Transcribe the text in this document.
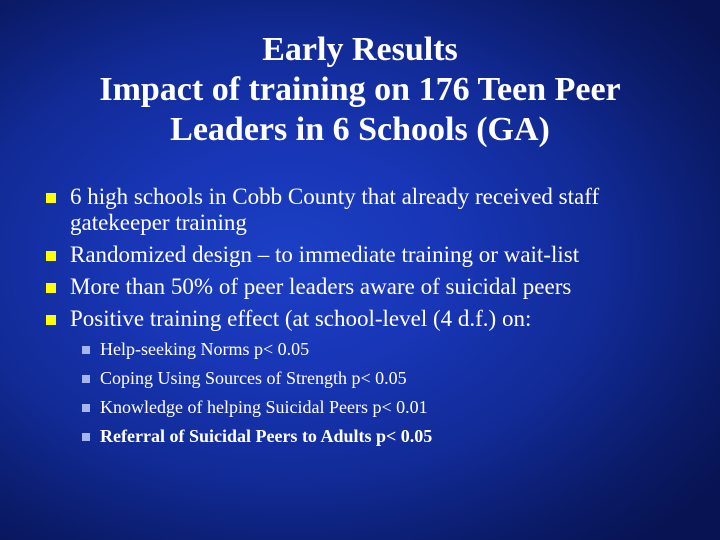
Early Results
Impact of training on 176 Teen Peer
Leaders in 6 Schools (GA)
6 high schools in Cobb County that already received staff gatekeeper training
Randomized design – to immediate training or wait-list
More than 50% of peer leaders aware of suicidal peers
Positive training effect (at school-level (4 d.f.) on:
Help-seeking Norms p< 0.05
Coping Using Sources of Strength p< 0.05
Knowledge of helping Suicidal Peers p< 0.01
Referral of Suicidal Peers to Adults p< 0.05
